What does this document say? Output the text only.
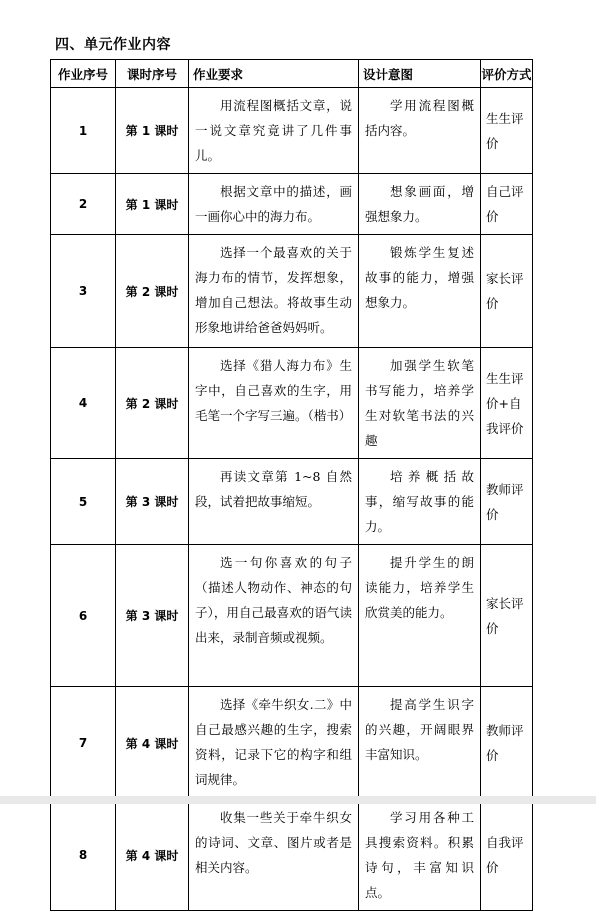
四、单元作业内容
作业序号	课时序号	作业要求	设计意图	评价方式
1	第 1 课时	用流程图概括文章，说一说文章究竟讲了几件事儿。	学用流程图概括内容。	生生评价
2	第 1 课时	根据文章中的描述，画一画你心中的海力布。	想象画面，增强想象力。	自己评价
3	第 2 课时	选择一个最喜欢的关于海力布的情节，发挥想象，增加自己想法。将故事生动形象地讲给爸爸妈妈听。	锻炼学生复述故事的能力，增强想象力。	家长评价
4	第 2 课时	选择《猎人海力布》生字中，自己喜欢的生字，用毛笔一个字写三遍。（楷书）	加强学生软笔书写能力，培养学生对软笔书法的兴趣	生生评价+自我评价
5	第 3 课时	再读文章第 1~8 自然段，试着把故事缩短。	培养概括故事，缩写故事的能力。	教师评价
6	第 3 课时	选一句你喜欢的句子（描述人物动作、神态的句子），用自己最喜欢的语气读出来，录制音频或视频。	提升学生的朗读能力，培养学生欣赏美的能力。	家长评价
7	第 4 课时	选择《牵牛织女.二》中自己最感兴趣的生字，搜索资料，记录下它的构字和组词规律。	提高学生识字的兴趣，开阔眼界丰富知识。	教师评价
8	第 4 课时	收集一些关于牵牛织女的诗词、文章、图片或者是相关内容。	学习用各种工具搜索资料。积累诗句，丰富知识点。	自我评价
